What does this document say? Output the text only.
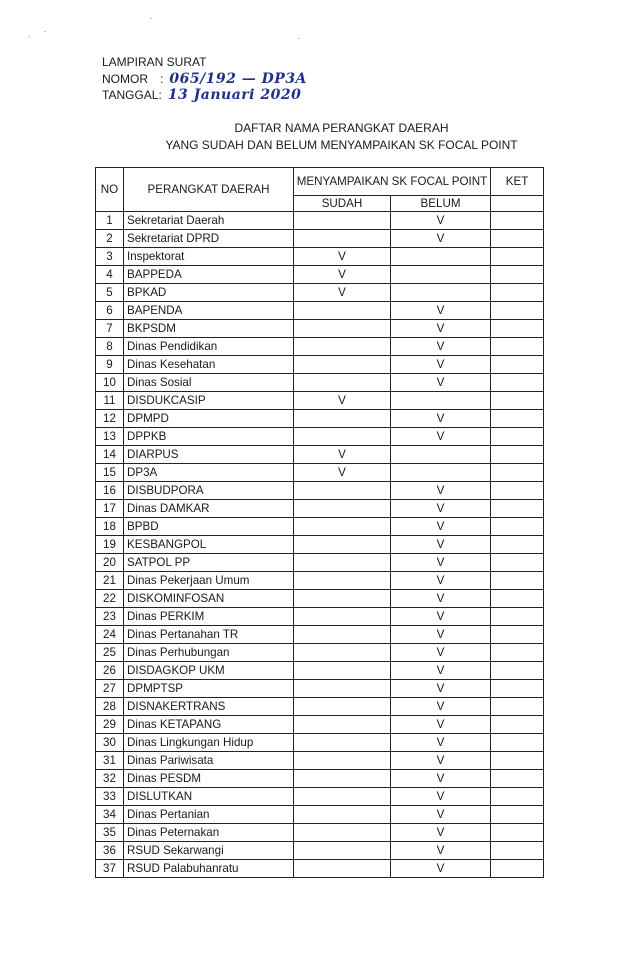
LAMPIRAN SURAT
NOMOR : 065/192 — DP3A
TANGGAL : 13 Januari 2020
DAFTAR NAMA PERANGKAT DAERAH
YANG SUDAH DAN BELUM MENYAMPAIKAN SK FOCAL POINT
NO	PERANGKAT DAERAH	MENYAMPAIKAN SK FOCAL POINT		KET
		SUDAH	BELUM	
1	Sekretariat Daerah		V	
2	Sekretariat DPRD		V	
3	Inspektorat	V		
4	BAPPEDA	V		
5	BPKAD	V		
6	BAPENDA		V	
7	BKPSDM		V	
8	Dinas Pendidikan		V	
9	Dinas Kesehatan		V	
10	Dinas Sosial		V	
11	DISDUKCASIP	V		
12	DPMPD		V	
13	DPPKB		V	
14	DIARPUS	V		
15	DP3A	V		
16	DISBUDPORA		V	
17	Dinas DAMKAR		V	
18	BPBD		V	
19	KESBANGPOL		V	
20	SATPOL PP		V	
21	Dinas Pekerjaan Umum		V	
22	DISKOMINFOSAN		V	
23	Dinas PERKIM		V	
24	Dinas Pertanahan TR		V	
25	Dinas Perhubungan		V	
26	DISDAGKOP UKM		V	
27	DPMPTSP		V	
28	DISNAKERTRANS		V	
29	Dinas KETAPANG		V	
30	Dinas Lingkungan Hidup		V	
31	Dinas Pariwisata		V	
32	Dinas PESDM		V	
33	DISLUTKAN		V	
34	Dinas Pertanian		V	
35	Dinas Peternakan		V	
36	RSUD Sekarwangi		V	
37	RSUD Palabuhanratu		V	
